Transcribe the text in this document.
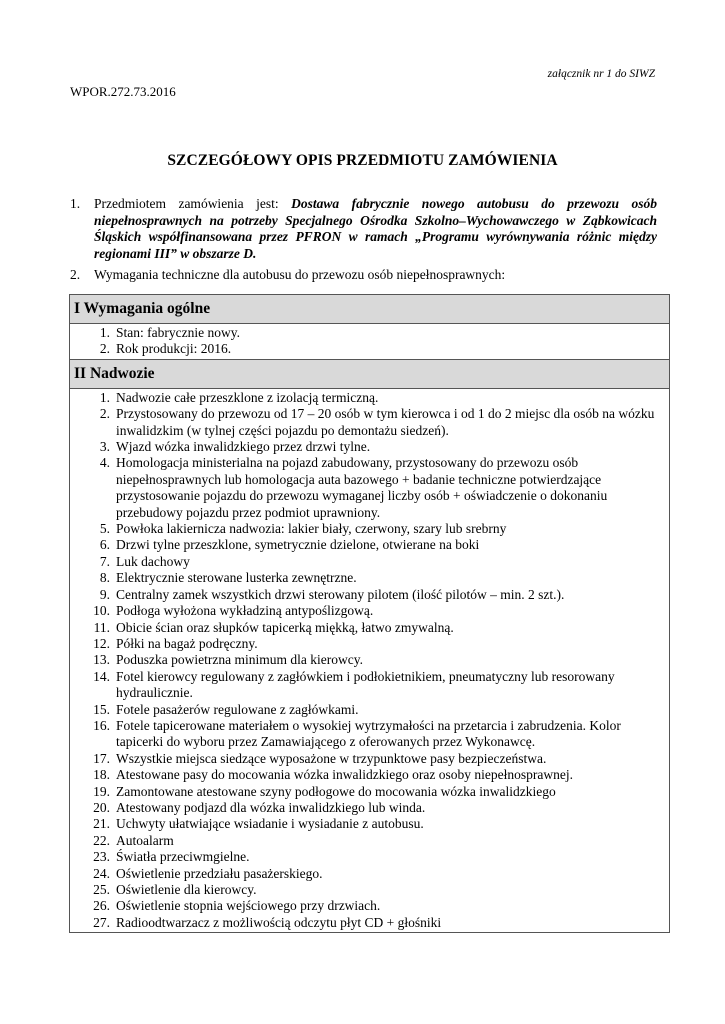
załącznik nr 1 do SIWZ
WPOR.272.73.2016
SZCZEGÓŁOWY OPIS PRZEDMIOTU ZAMÓWIENIA
1.	Przedmiotem zamówienia jest: Dostawa fabrycznie nowego autobusu do przewozu osób niepełnosprawnych na potrzeby Specjalnego Ośrodka Szkolno–Wychowawczego w Ząbkowicach Śląskich współfinansowana przez PFRON w ramach „Programu wyrównywania różnic między regionami III” w obszarze D.
2.	Wymagania techniczne dla autobusu do przewozu osób niepełnosprawnych:
I Wymagania ogólne

1. Stan: fabrycznie nowy.
2. Rok produkcji: 2016.

II Nadwozie

1. Nadwozie całe przeszklone z izolacją termiczną.
2. Przystosowany do przewozu od 17 – 20 osób w tym kierowca i od 1 do 2 miejsc dla osób na wózku inwalidzkim (w tylnej części pojazdu po demontażu siedzeń).
3. Wjazd wózka inwalidzkiego przez drzwi tylne.
4. Homologacja ministerialna na pojazd zabudowany, przystosowany do przewozu osób niepełnosprawnych lub homologacja auta bazowego + badanie techniczne potwierdzające przystosowanie pojazdu do przewozu wymaganej liczby osób + oświadczenie o dokonaniu przebudowy pojazdu przez podmiot uprawniony.
5. Powłoka lakiernicza nadwozia: lakier biały, czerwony, szary lub srebrny
6. Drzwi tylne przeszklone, symetrycznie dzielone, otwierane na boki
7. Luk dachowy
8. Elektrycznie sterowane lusterka zewnętrzne.
9. Centralny zamek wszystkich drzwi sterowany pilotem (ilość pilotów – min. 2 szt.).
10. Podłoga wyłożona wykładziną antypoślizgową.
11. Obicie ścian oraz słupków tapicerką miękką, łatwo zmywalną.
12. Półki na bagaż podręczny.
13. Poduszka powietrzna minimum dla kierowcy.
14. Fotel kierowcy regulowany z zagłówkiem i podłokietnikiem, pneumatyczny lub resorowany hydraulicznie.
15. Fotele pasażerów regulowane z zagłówkami.
16. Fotele tapicerowane materiałem o wysokiej wytrzymałości na przetarcia i zabrudzenia. Kolor tapicerki do wyboru przez Zamawiającego z oferowanych przez Wykonawcę.
17. Wszystkie miejsca siedzące wyposażone w trzypunktowe pasy bezpieczeństwa.
18. Atestowane pasy do mocowania wózka inwalidzkiego oraz osoby niepełnosprawnej.
19. Zamontowane atestowane szyny podłogowe do mocowania wózka inwalidzkiego
20. Atestowany podjazd dla wózka inwalidzkiego lub winda.
21. Uchwyty ułatwiające wsiadanie i wysiadanie z autobusu.
22. Autoalarm
23. Światła przeciwmgielne.
24. Oświetlenie przedziału pasażerskiego.
25. Oświetlenie dla kierowcy.
26. Oświetlenie stopnia wejściowego przy drzwiach.
27. Radioodtwarzacz z możliwością odczytu płyt CD + głośniki
